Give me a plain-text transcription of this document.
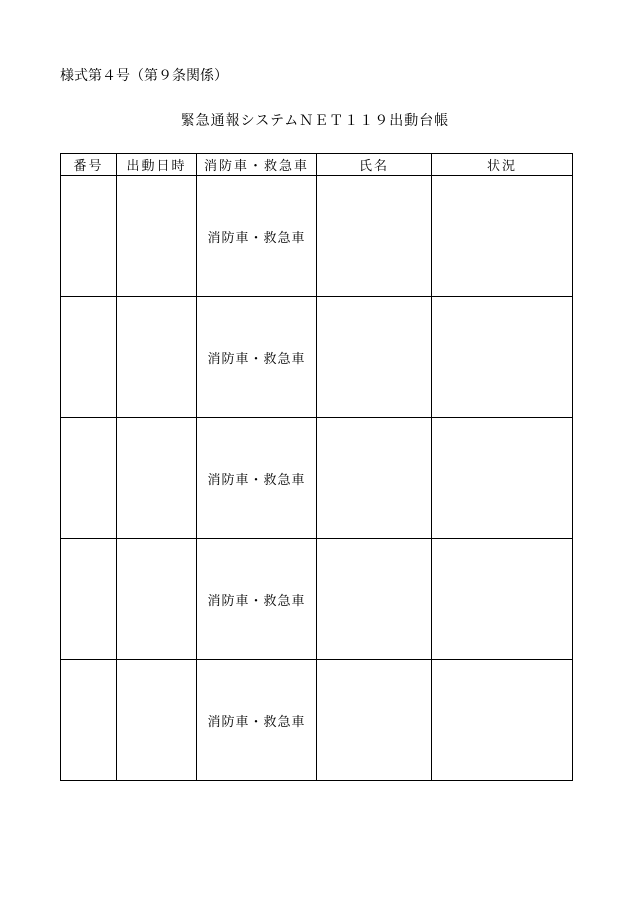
様式第４号（第９条関係）
緊急通報システムＮＥＴ１１９出動台帳
番号	出動日時	消防車・救急車	氏名	状況
		消防車・救急車		
		消防車・救急車		
		消防車・救急車		
		消防車・救急車		
		消防車・救急車		
